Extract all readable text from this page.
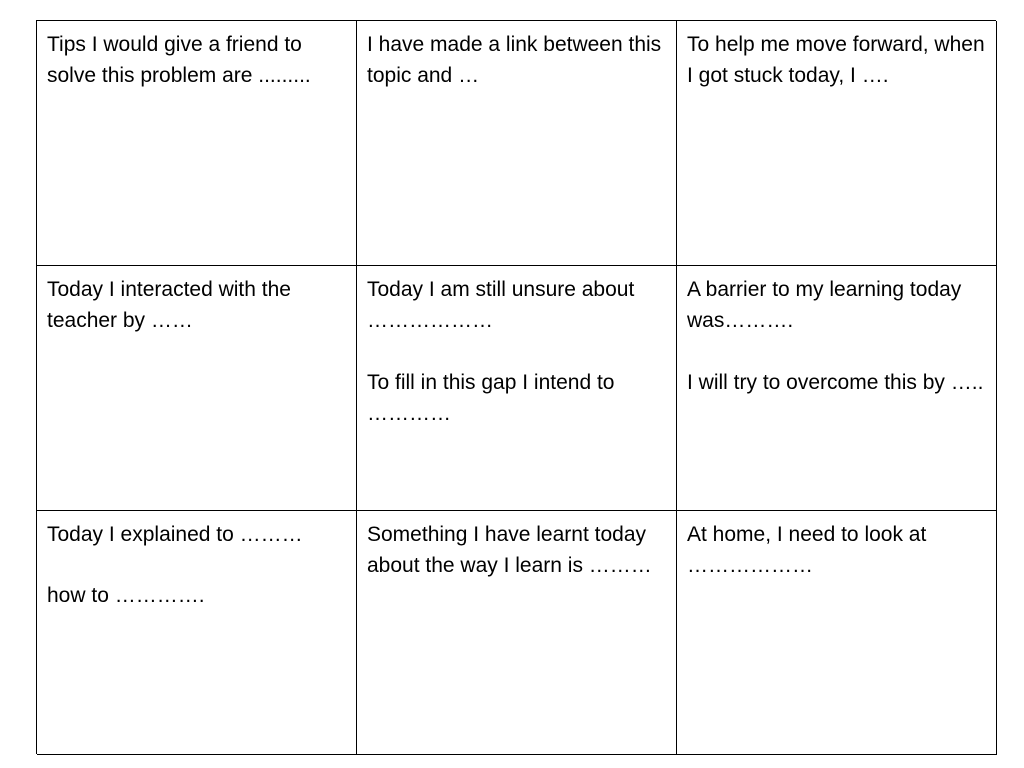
Tips I would give a friend to solve this problem are .........

I have made a link between this topic and …

To help me move forward, when I got stuck today, I ….

Today I interacted with the teacher by ……

Today I am still unsure about ………………

To fill in this gap I intend to …………

A barrier to my learning today was……….

I will try to overcome this by …..

Today I explained to ………

how to ………….

Something I have learnt today about the way I learn is ………

At home, I need to look at ………………
